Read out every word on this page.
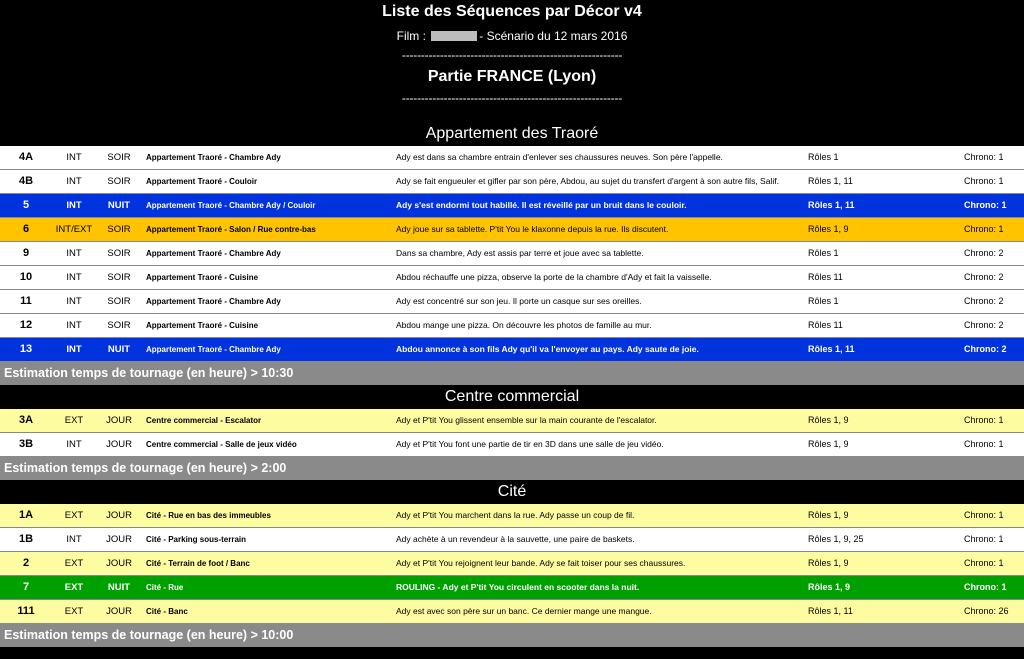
Liste des Séquences par Décor v4
Film :	- Scénario du 12 mars 2016
----------------------------------------------------------
Partie FRANCE (Lyon)
----------------------------------------------------------
Appartement des Traoré
4A	INT	SOIR	Appartement Traoré - Chambre Ady	Ady est dans sa chambre entrain d'enlever ses chaussures neuves. Son père l'appelle.	Rôles 1	Chrono: 1
4B	INT	SOIR	Appartement Traoré - Couloir	Ady se fait engueuler et gifler par son père, Abdou, au sujet du transfert d'argent à son autre fils, Salif.	Rôles 1, 11	Chrono: 1
5	INT	NUIT	Appartement Traoré - Chambre Ady / Couloir	Ady s'est endormi tout habillé. Il est réveillé par un bruit dans le couloir.	Rôles 1, 11	Chrono: 1
6	INT/EXT	SOIR	Appartement Traoré - Salon / Rue contre-bas	Ady joue sur sa tablette. P'tit You le klaxonne depuis la rue. Ils discutent.	Rôles 1, 9	Chrono: 1
9	INT	SOIR	Appartement Traoré - Chambre Ady	Dans sa chambre, Ady est assis par terre et joue avec sa tablette.	Rôles 1	Chrono: 2
10	INT	SOIR	Appartement Traoré - Cuisine	Abdou réchauffe une pizza, observe la porte de la chambre d'Ady et fait la vaisselle.	Rôles 11	Chrono: 2
11	INT	SOIR	Appartement Traoré - Chambre Ady	Ady est concentré sur son jeu. Il porte un casque sur ses oreilles.	Rôles 1	Chrono: 2
12	INT	SOIR	Appartement Traoré - Cuisine	Abdou mange une pizza. On découvre les photos de famille au mur.	Rôles 11	Chrono: 2
13	INT	NUIT	Appartement Traoré - Chambre Ady	Abdou annonce à son fils Ady qu'il va l'envoyer au pays. Ady saute de joie.	Rôles 1, 11	Chrono: 2
Estimation temps de tournage (en heure) > 10:30
Centre commercial
3A	EXT	JOUR	Centre commercial - Escalator	Ady et P'tit You glissent ensemble sur la main courante de l'escalator.	Rôles 1, 9	Chrono: 1
3B	INT	JOUR	Centre commercial - Salle de jeux vidéo	Ady et P'tit You font une partie de tir en 3D dans une salle de jeu vidéo.	Rôles 1, 9	Chrono: 1
Estimation temps de tournage (en heure) > 2:00
Cité
1A	EXT	JOUR	Cité - Rue en bas des immeubles	Ady et P'tit You marchent dans la rue. Ady passe un coup de fil.	Rôles 1, 9	Chrono: 1
1B	INT	JOUR	Cité - Parking sous-terrain	Ady achète à un revendeur à la sauvette, une paire de baskets.	Rôles 1, 9, 25	Chrono: 1
2	EXT	JOUR	Cité - Terrain de foot / Banc	Ady et P'tit You rejoignent leur bande. Ady se fait toiser pour ses chaussures.	Rôles 1, 9	Chrono: 1
7	EXT	NUIT	Cité - Rue	ROULING - Ady et P'tit You circulent en scooter dans la nuit.	Rôles 1, 9	Chrono: 1
111	EXT	JOUR	Cité - Banc	Ady est avec son père sur un banc. Ce dernier mange une mangue.	Rôles 1, 11	Chrono: 26
Estimation temps de tournage (en heure) > 10:00
